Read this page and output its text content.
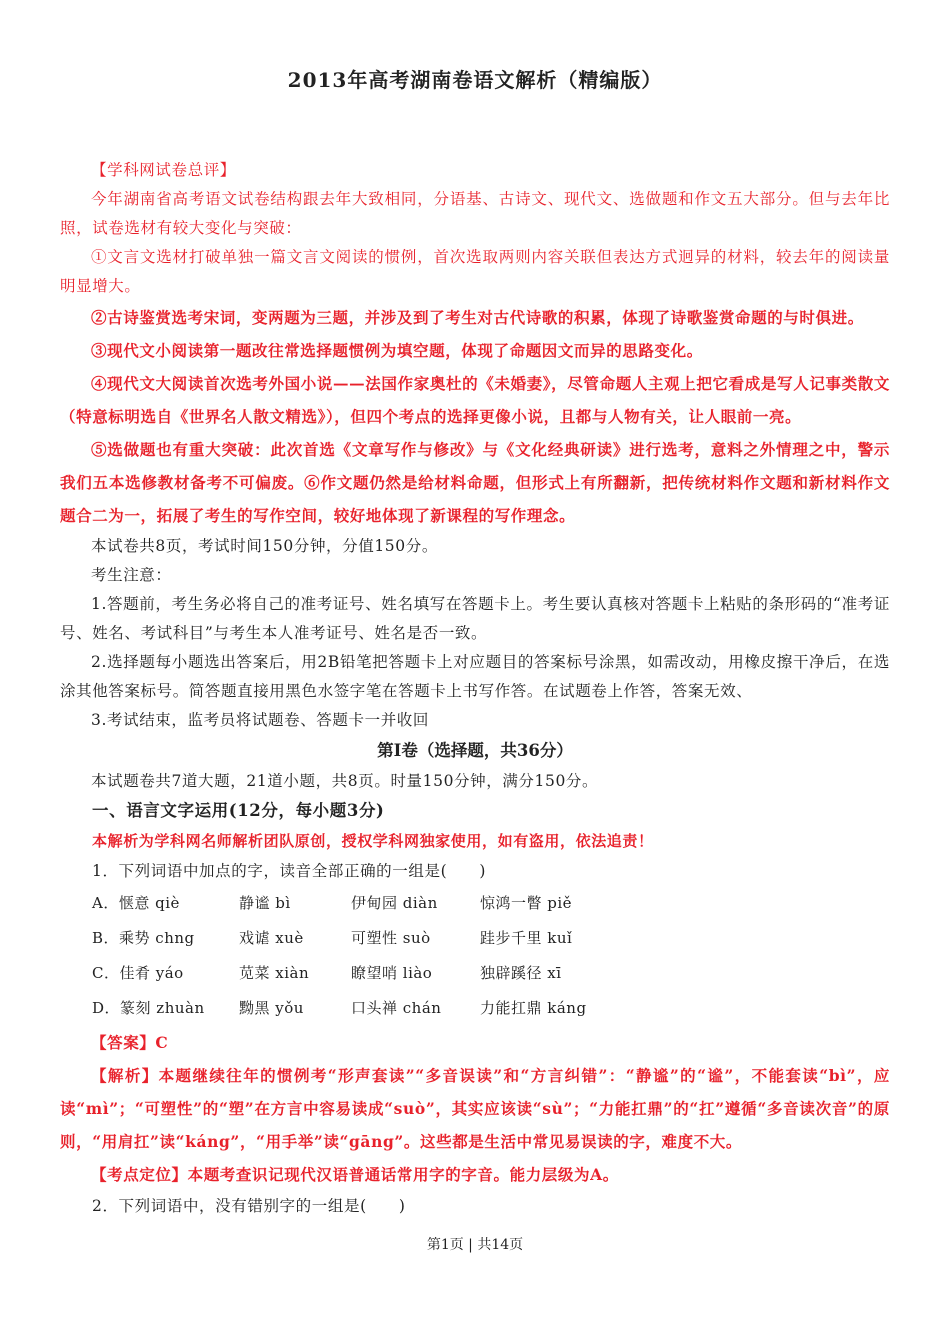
2013年高考湖南卷语文解析（精编版）

【学科网试卷总评】

今年湖南省高考语文试卷结构跟去年大致相同，分语基、古诗文、现代文、选做题和作文五大部分。但与去年比照，试卷选材有较大变化与突破：

①文言文选材打破单独一篇文言文阅读的惯例，首次选取两则内容关联但表达方式迥异的材料，较去年的阅读量明显增大。

②古诗鉴赏选考宋词，变两题为三题，并涉及到了考生对古代诗歌的积累，体现了诗歌鉴赏命题的与时俱进。

③现代文小阅读第一题改往常选择题惯例为填空题，体现了命题因文而异的思路变化。

④现代文大阅读首次选考外国小说——法国作家奥杜的《未婚妻》，尽管命题人主观上把它看成是写人记事类散文（特意标明选自《世界名人散文精选》），但四个考点的选择更像小说，且都与人物有关，让人眼前一亮。

⑤选做题也有重大突破：此次首选《文章写作与修改》与《文化经典研读》进行选考，意料之外情理之中，警示我们五本选修教材备考不可偏废。⑥作文题仍然是给材料命题，但形式上有所翻新，把传统材料作文题和新材料作文题合二为一，拓展了考生的写作空间，较好地体现了新课程的写作理念。

本试卷共8页，考试时间150分钟，分值150分。

考生注意：

1.答题前，考生务必将自己的准考证号、姓名填写在答题卡上。考生要认真核对答题卡上粘贴的条形码的“准考证号、姓名、考试科目”与考生本人准考证号、姓名是否一致。

2.选择题每小题选出答案后，用2B铅笔把答题卡上对应题目的答案标号涂黑，如需改动，用橡皮擦干净后，在选涂其他答案标号。简答题直接用黑色水签字笔在答题卡上书写作答。在试题卷上作答，答案无效、

3.考试结束，监考员将试题卷、答题卡一并收回

第Ⅰ卷（选择题，共36分）

本试题卷共7道大题，21道小题，共8页。时量150分钟，满分150分。

一、语言文字运用(12分，每小题3分)
本解析为学科网名师解析团队原创，授权学科网独家使用，如有盗用，依法追责！
1．下列词语中加点的字，读音全部正确的一组是(　　)
A．惬意 qiè	静谧 bì	伊甸园 diàn	惊鸿一瞥 piě
B．乘势 chng	戏谑 xuè	可塑性 suò	跬步千里 kuǐ
C．佳肴 yáo	苋菜 xiàn	瞭望哨 liào	独辟蹊径 xī
D．篆刻 zhuàn	黝黑 yǒu	口头禅 chán	力能扛鼎 káng

【答案】C

【解析】本题继续往年的惯例考“形声套读”“多音误读”和“方言纠错”：“静谧”的“谧”，不能套读“bì”，应读“mì”；“可塑性”的“塑”在方言中容易读成“suò”，其实应该读“sù”；“力能扛鼎”的“扛”遵循“多音读次音”的原则，“用肩扛”读“káng”，“用手举”读“gāng”。这些都是生活中常见易误读的字，难度不大。

【考点定位】本题考查识记现代汉语普通话常用字的字音。能力层级为A。

2．下列词语中，没有错别字的一组是(　　)
第1页 | 共14页
